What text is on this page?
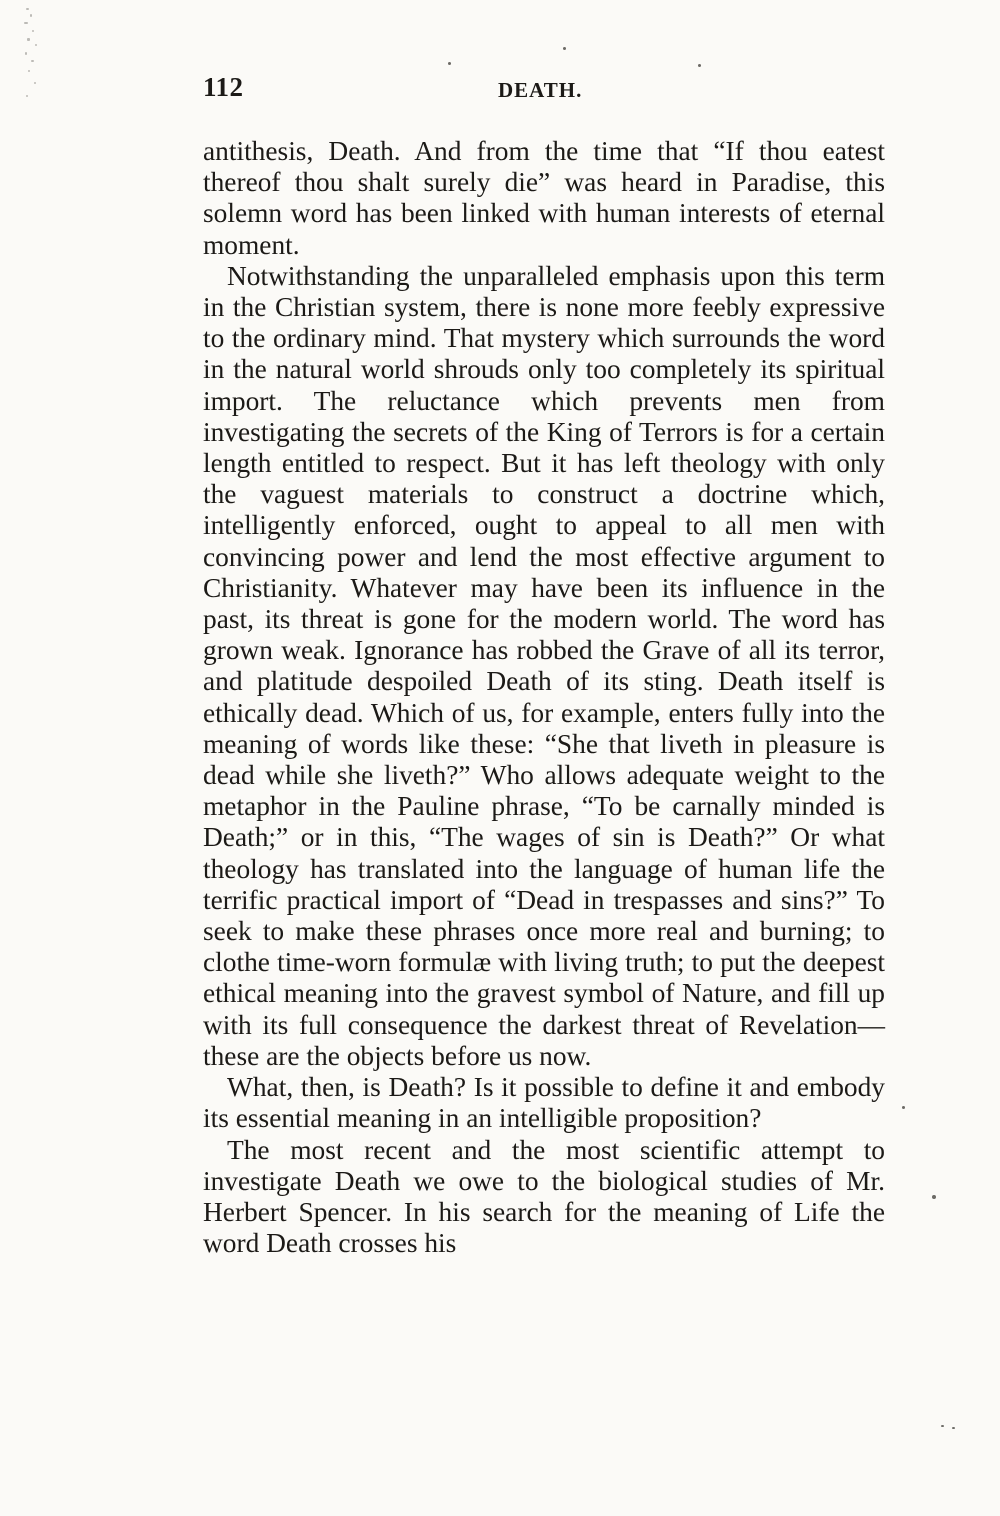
112	DEATH.

antithesis, Death. And from the time that “If thou eatest thereof thou shalt surely die” was heard in Paradise, this solemn word has been linked with human interests of eternal moment.

Notwithstanding the unparalleled emphasis upon this term in the Christian system, there is none more feebly expressive to the ordinary mind. That mystery which surrounds the word in the natural world shrouds only too completely its spiritual import. The reluctance which prevents men from investigating the secrets of the King of Terrors is for a certain length entitled to respect. But it has left theology with only the vaguest materials to construct a doctrine which, intelligently enforced, ought to appeal to all men with convincing power and lend the most effective argument to Christianity. Whatever may have been its influence in the past, its threat is gone for the modern world. The word has grown weak. Ignorance has robbed the Grave of all its terror, and platitude despoiled Death of its sting. Death itself is ethically dead. Which of us, for example, enters fully into the meaning of words like these: “She that liveth in pleasure is dead while she liveth?” Who allows adequate weight to the metaphor in the Pauline phrase, “To be carnally minded is Death;” or in this, “The wages of sin is Death?” Or what theology has translated into the language of human life the terrific practical import of “Dead in trespasses and sins?” To seek to make these phrases once more real and burning; to clothe time-worn formulæ with living truth; to put the deepest ethical meaning into the gravest symbol of Nature, and fill up with its full consequence the darkest threat of Revelation—these are the objects before us now.

What, then, is Death? Is it possible to define it and embody its essential meaning in an intelligible proposition?

The most recent and the most scientific attempt to investigate Death we owe to the biological studies of Mr. Herbert Spencer. In his search for the meaning of Life the word Death crosses his
